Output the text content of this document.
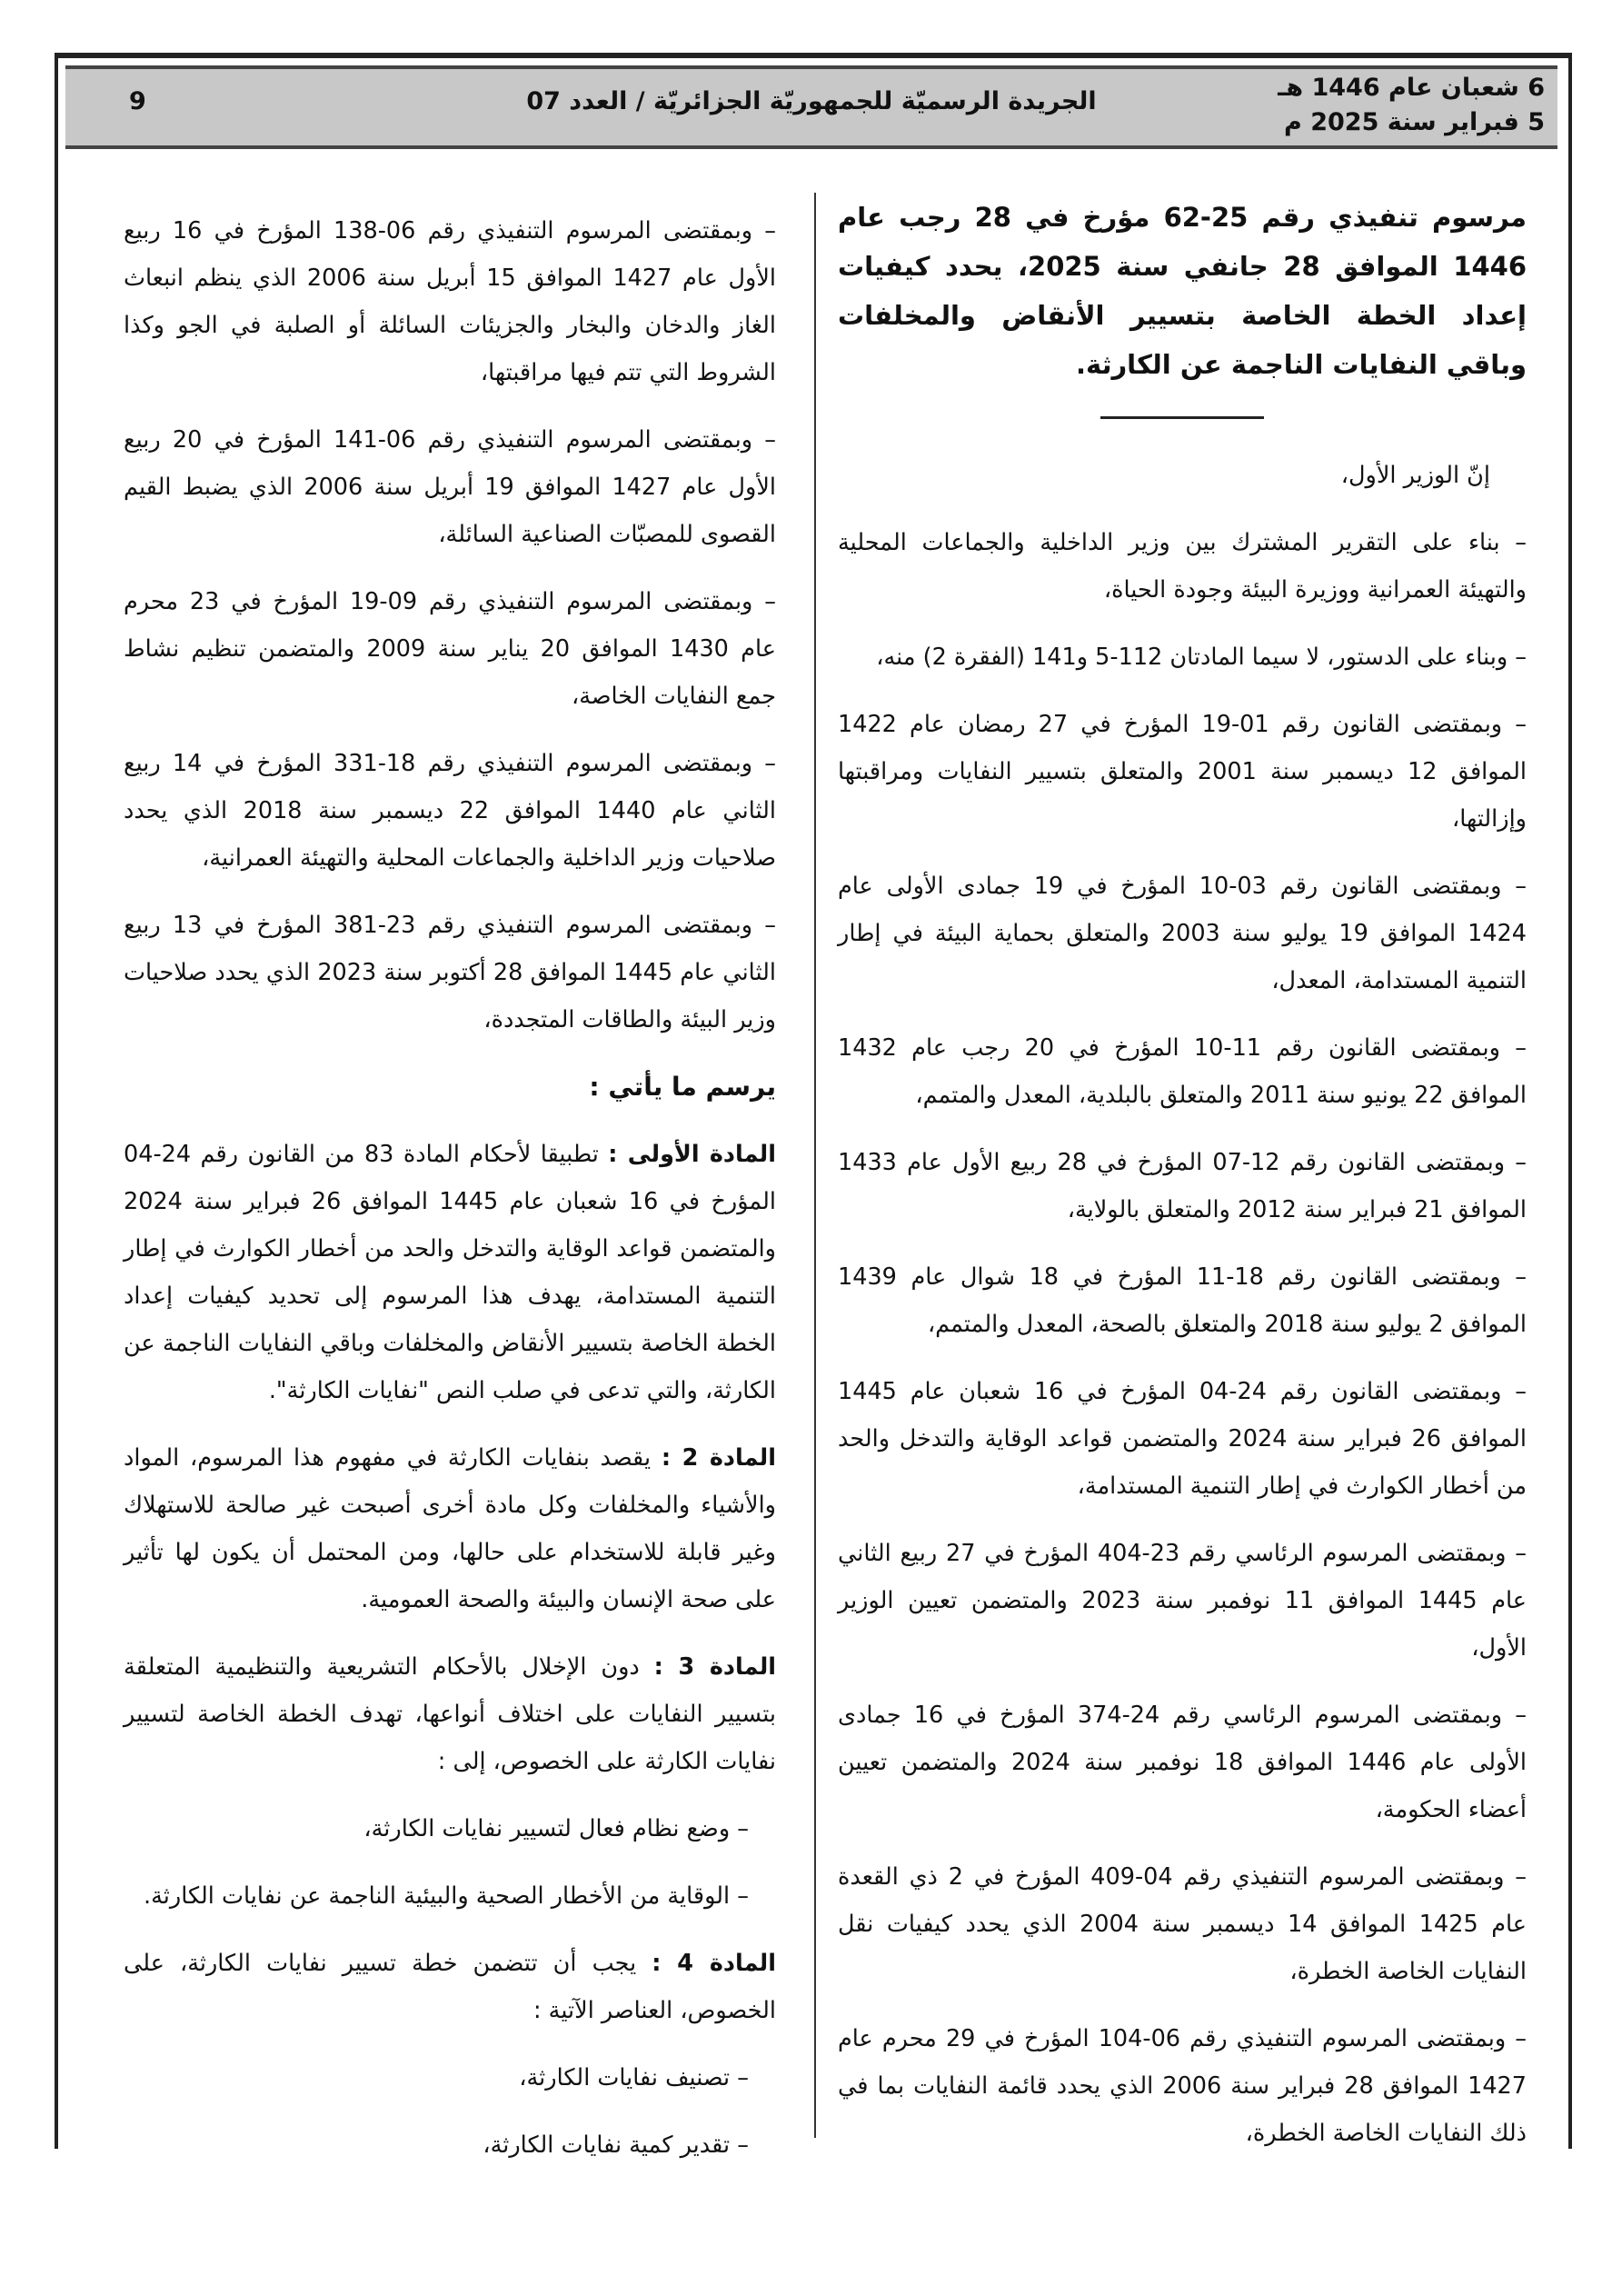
6 شعبان عام 1446 هـ
5 فبراير سنة 2025 م
الجريدة الرسميّة للجمهوريّة الجزائريّة / العدد 07
9

مرسوم تنفيذي رقم 25-62 مؤرخ في 28 رجب عام 1446 الموافق 28 جانفي سنة 2025، يحدد كيفيات إعداد الخطة الخاصة بتسيير الأنقاض والمخلفات وباقي النفايات الناجمة عن الكارثة.

إنّ الوزير الأول،

– بناء على التقرير المشترك بين وزير الداخلية والجماعات المحلية والتهيئة العمرانية ووزيرة البيئة وجودة الحياة،

– وبناء على الدستور، لا سيما المادتان 112-5 و141 (الفقرة 2) منه،

– وبمقتضى القانون رقم 01-19 المؤرخ في 27 رمضان عام 1422 الموافق 12 ديسمبر سنة 2001 والمتعلق بتسيير النفايات ومراقبتها وإزالتها،

– وبمقتضى القانون رقم 03-10 المؤرخ في 19 جمادى الأولى عام 1424 الموافق 19 يوليو سنة 2003 والمتعلق بحماية البيئة في إطار التنمية المستدامة، المعدل،

– وبمقتضى القانون رقم 11-10 المؤرخ في 20 رجب عام 1432 الموافق 22 يونيو سنة 2011 والمتعلق بالبلدية، المعدل والمتمم،

– وبمقتضى القانون رقم 12-07 المؤرخ في 28 ربيع الأول عام 1433 الموافق 21 فبراير سنة 2012 والمتعلق بالولاية،

– وبمقتضى القانون رقم 18-11 المؤرخ في 18 شوال عام 1439 الموافق 2 يوليو سنة 2018 والمتعلق بالصحة، المعدل والمتمم،

– وبمقتضى القانون رقم 24-04 المؤرخ في 16 شعبان عام 1445 الموافق 26 فبراير سنة 2024 والمتضمن قواعد الوقاية والتدخل والحد من أخطار الكوارث في إطار التنمية المستدامة،

– وبمقتضى المرسوم الرئاسي رقم 23-404 المؤرخ في 27 ربيع الثاني عام 1445 الموافق 11 نوفمبر سنة 2023 والمتضمن تعيين الوزير الأول،

– وبمقتضى المرسوم الرئاسي رقم 24-374 المؤرخ في 16 جمادى الأولى عام 1446 الموافق 18 نوفمبر سنة 2024 والمتضمن تعيين أعضاء الحكومة،

– وبمقتضى المرسوم التنفيذي رقم 04-409 المؤرخ في 2 ذي القعدة عام 1425 الموافق 14 ديسمبر سنة 2004 الذي يحدد كيفيات نقل النفايات الخاصة الخطرة،

– وبمقتضى المرسوم التنفيذي رقم 06-104 المؤرخ في 29 محرم عام 1427 الموافق 28 فبراير سنة 2006 الذي يحدد قائمة النفايات بما في ذلك النفايات الخاصة الخطرة،

– وبمقتضى المرسوم التنفيذي رقم 06-138 المؤرخ في 16 ربيع الأول عام 1427 الموافق 15 أبريل سنة 2006 الذي ينظم انبعاث الغاز والدخان والبخار والجزيئات السائلة أو الصلبة في الجو وكذا الشروط التي تتم فيها مراقبتها،

– وبمقتضى المرسوم التنفيذي رقم 06-141 المؤرخ في 20 ربيع الأول عام 1427 الموافق 19 أبريل سنة 2006 الذي يضبط القيم القصوى للمصبّات الصناعية السائلة،

– وبمقتضى المرسوم التنفيذي رقم 09-19 المؤرخ في 23 محرم عام 1430 الموافق 20 يناير سنة 2009 والمتضمن تنظيم نشاط جمع النفايات الخاصة،

– وبمقتضى المرسوم التنفيذي رقم 18-331 المؤرخ في 14 ربيع الثاني عام 1440 الموافق 22 ديسمبر سنة 2018 الذي يحدد صلاحيات وزير الداخلية والجماعات المحلية والتهيئة العمرانية،

– وبمقتضى المرسوم التنفيذي رقم 23-381 المؤرخ في 13 ربيع الثاني عام 1445 الموافق 28 أكتوبر سنة 2023 الذي يحدد صلاحيات وزير البيئة والطاقات المتجددة،

يرسم ما يأتي :

المادة الأولى : تطبيقا لأحكام المادة 83 من القانون رقم 24-04 المؤرخ في 16 شعبان عام 1445 الموافق 26 فبراير سنة 2024 والمتضمن قواعد الوقاية والتدخل والحد من أخطار الكوارث في إطار التنمية المستدامة، يهدف هذا المرسوم إلى تحديد كيفيات إعداد الخطة الخاصة بتسيير الأنقاض والمخلفات وباقي النفايات الناجمة عن الكارثة، والتي تدعى في صلب النص "نفايات الكارثة".

المادة 2 : يقصد بنفايات الكارثة في مفهوم هذا المرسوم، المواد والأشياء والمخلفات وكل مادة أخرى أصبحت غير صالحة للاستهلاك وغير قابلة للاستخدام على حالها، ومن المحتمل أن يكون لها تأثير على صحة الإنسان والبيئة والصحة العمومية.

المادة 3 : دون الإخلال بالأحكام التشريعية والتنظيمية المتعلقة بتسيير النفايات على اختلاف أنواعها، تهدف الخطة الخاصة لتسيير نفايات الكارثة على الخصوص، إلى :

– وضع نظام فعال لتسيير نفايات الكارثة،

– الوقاية من الأخطار الصحية والبيئية الناجمة عن نفايات الكارثة.

المادة 4 : يجب أن تتضمن خطة تسيير نفايات الكارثة، على الخصوص، العناصر الآتية :

– تصنيف نفايات الكارثة،

– تقدير كمية نفايات الكارثة،
